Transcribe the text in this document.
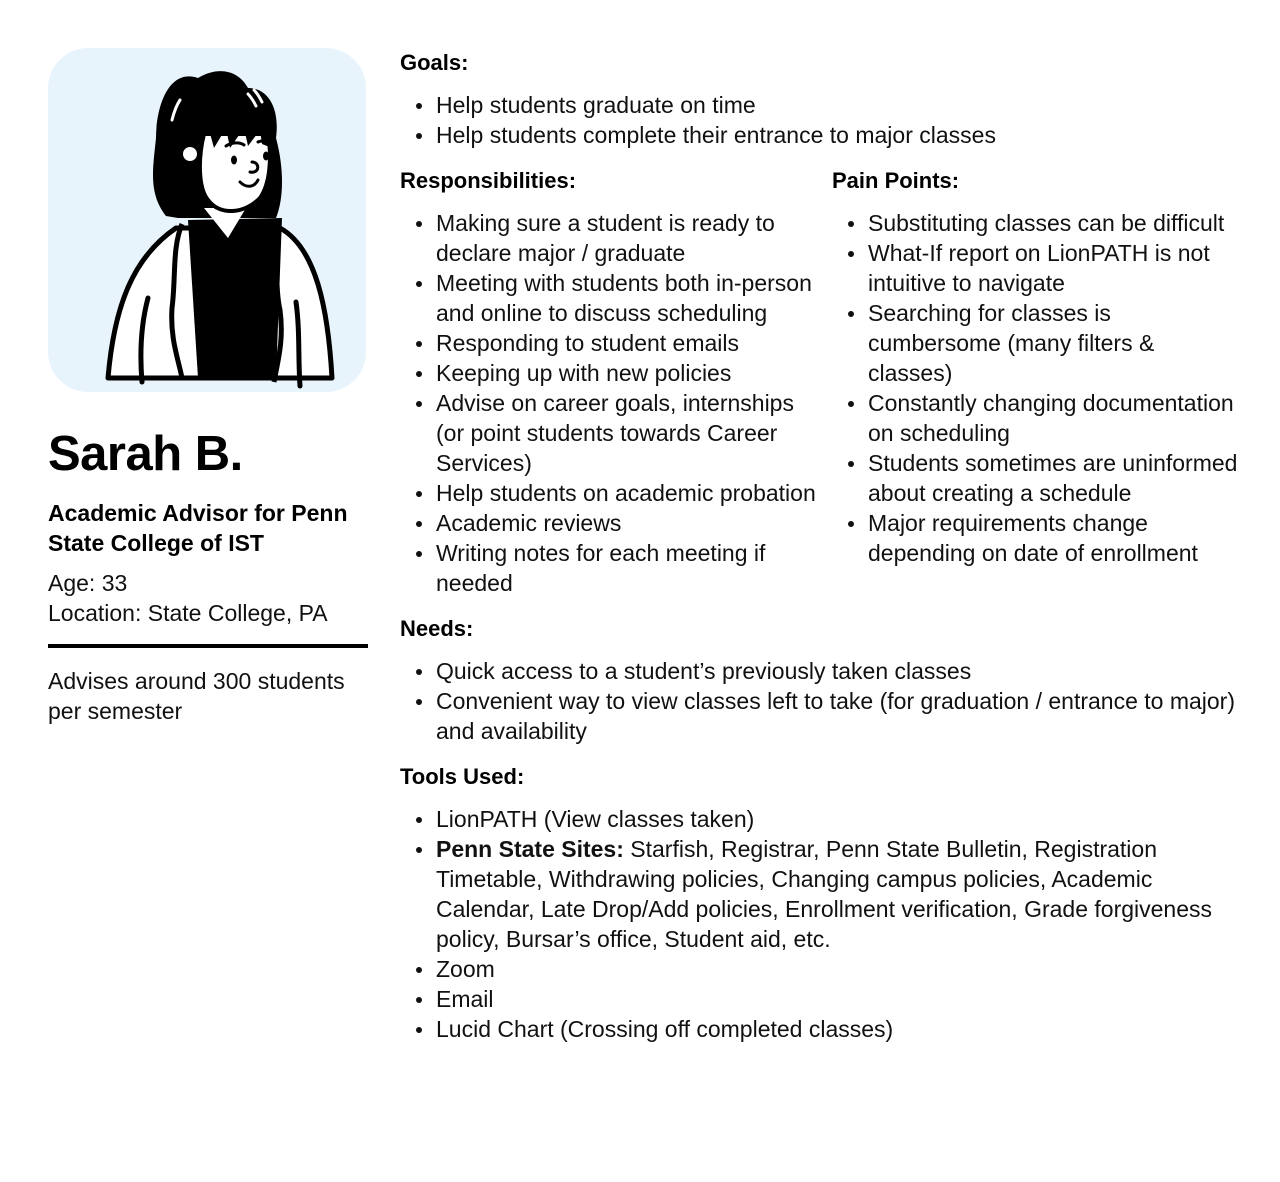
Sarah B.
Academic Advisor for Penn State College of IST
Age: 33
Location: State College, PA
Advises around 300 students per semester
Goals:
Help students graduate on time
Help students complete their entrance to major classes
Responsibilities:
Making sure a student is ready to declare major / graduate
Meeting with students both in-person and online to discuss scheduling
Responding to student emails
Keeping up with new policies
Advise on career goals, internships (or point students towards Career Services)
Help students on academic probation
Academic reviews
Writing notes for each meeting if needed
Pain Points:
Substituting classes can be difficult
What-If report on LionPATH is not intuitive to navigate
Searching for classes is cumbersome (many filters & classes)
Constantly changing documentation on scheduling
Students sometimes are uninformed about creating a schedule
Major requirements change depending on date of enrollment
Needs:
Quick access to a student’s previously taken classes
Convenient way to view classes left to take (for graduation / entrance to major) and availability
Tools Used:
LionPATH (View classes taken)
Penn State Sites: Starfish, Registrar, Penn State Bulletin, Registration Timetable, Withdrawing policies, Changing campus policies, Academic Calendar, Late Drop/Add policies, Enrollment verification, Grade forgiveness policy, Bursar’s office, Student aid, etc.
Zoom
Email
Lucid Chart (Crossing off completed classes)
